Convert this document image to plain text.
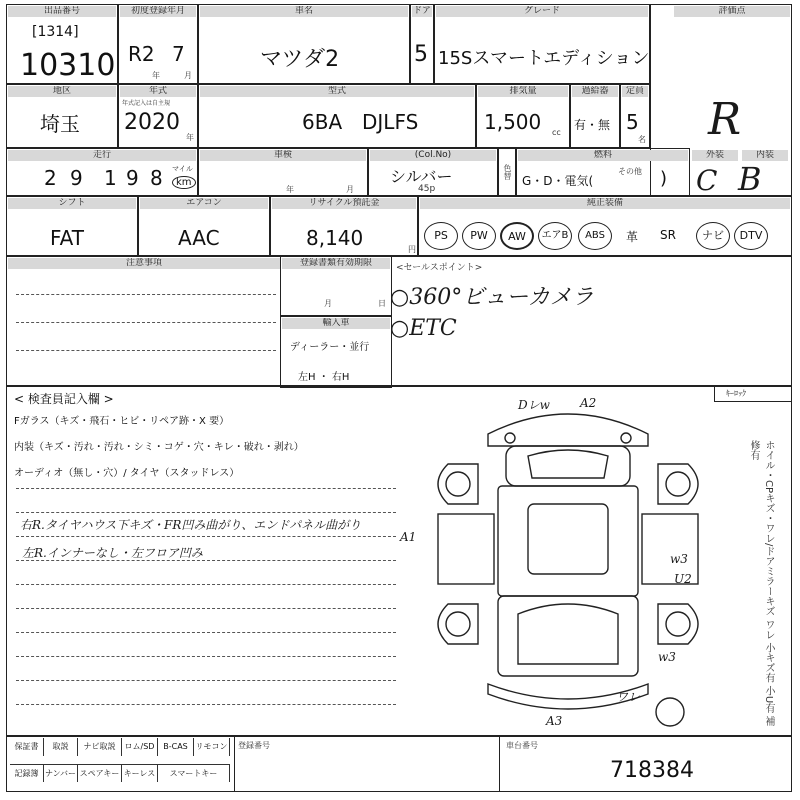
出品番号
[1314]
10310
初度登録年月
R2 7
年	月
車名
マツダ2
ドア
5
グレード
15Sスマートエディション
評価点
R
地区
埼玉
年式
年式記入は自主規
2020
年
型式
6BA DJLFS
排気量
1,500 cc
過給器
有・無
定員
5
名
走行
2 9 1 9 8 マイル
km
車検
年	月
(Col.No)
シルバー
45p
色替
燃料
G・D・電気(
その他 )
外装	内装
C B
シフト
FAT
エアコン
AAC
リサイクル預託金
8,140	円
純正装備
PS	PW	AW	エアB	ABS	革 SR	ナビ	DTV
注意事項	登録書類有効期限
月	日
輸入車
ディーラー・並行
左H ・ 右H
<セールスポイント>
○360°ビューカメラ
○ETC
< 検査員記入欄 >
Fガラス（キズ・飛石・ヒビ・リペア跡・X 要）
内装（キズ・汚れ・汚れ・シミ・コゲ・穴・キレ・破れ・剥れ）
オーディオ（無し・穴）/ タイヤ（スタッドレス）
右R.タイヤハウス下キズ・FR凹み曲がり、エンドパネル曲がり
左R.インナーなし・左フロア凹み
ｷｰﾛｯｸ
ホイル・CPキズ・ワレ/ドアミラーキズ ワレ 小キズ有 小U有 補修有
Dレw	A2
A1
w3
U2
w3
ワレ
A3
保証書	取説	ナビ取説	ロム/SD	B-CAS リモコン
記録簿 ナンバー スペアキー キーレス	スマートキー
登録番号	車台番号
718384
